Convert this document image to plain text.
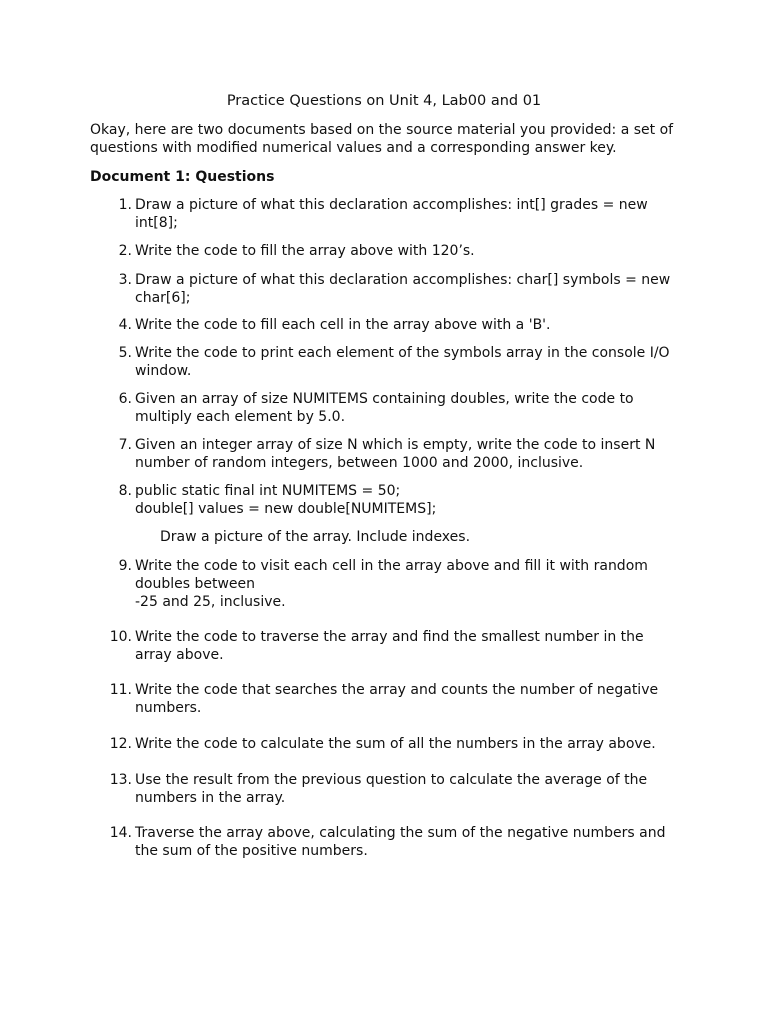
Practice Questions on Unit 4, Lab00 and 01
Okay, here are two documents based on the source material you provided: a set of questions with modified numerical values and a corresponding answer key.
Document 1: Questions
1. Draw a picture of what this declaration accomplishes: int[] grades = new
int[8];
2. Write the code to fill the array above with 120’s.
3. Draw a picture of what this declaration accomplishes: char[] symbols = new
char[6];
4. Write the code to fill each cell in the array above with a 'B'.
5. Write the code to print each element of the symbols array in the console I/O
window.
6. Given an array of size NUMITEMS containing doubles, write the code to
multiply each element by 5.0.
7. Given an integer array of size N which is empty, write the code to insert N
number of random integers, between 1000 and 2000, inclusive.
8. public static final int NUMITEMS = 50;
double[] values = new double[NUMITEMS];
Draw a picture of the array. Include indexes.
9. Write the code to visit each cell in the array above and fill it with random
doubles between
-25 and 25, inclusive.
10. Write the code to traverse the array and find the smallest number in the
array above.
11. Write the code that searches the array and counts the number of negative
numbers.
12. Write the code to calculate the sum of all the numbers in the array above.
13. Use the result from the previous question to calculate the average of the
numbers in the array.
14. Traverse the array above, calculating the sum of the negative numbers and
the sum of the positive numbers.
